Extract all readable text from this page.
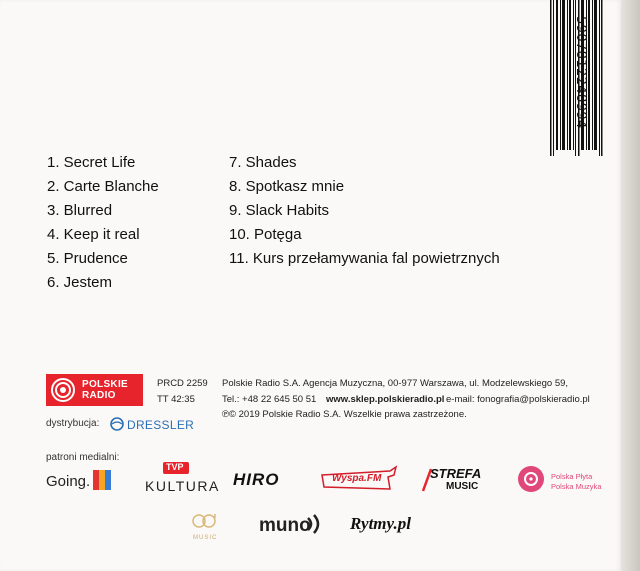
5907812248994
1. Secret Life
2. Carte Blanche
3. Blurred
4. Keep it real
5. Prudence
6. Jestem
7. Shades
8. Spotkasz mnie
9. Slack Habits
10. Potęga
11. Kurs przełamywania fal powietrznych
POLSKIE
RADIO
PRCD 2259
TT 42:35
Polskie Radio S.A. Agencja Muzyczna, 00-977 Warszawa, ul. Modzelewskiego 59,
Tel.: +48 22 645 50 51 www.sklep.polskieradio.pl e-mail: fonografia@polskieradio.pl
℗© 2019 Polskie Radio S.A. Wszelkie prawa zastrzeżone.
dystrybucja: DRESSLER
patroni medialni:
Going.
TVP
KULTURA HIRO	Wyspa.FM	STREFA
MUSIC
Polska Płyta
Polska Muzyka
MUSIC
muno Rytmy.pl
